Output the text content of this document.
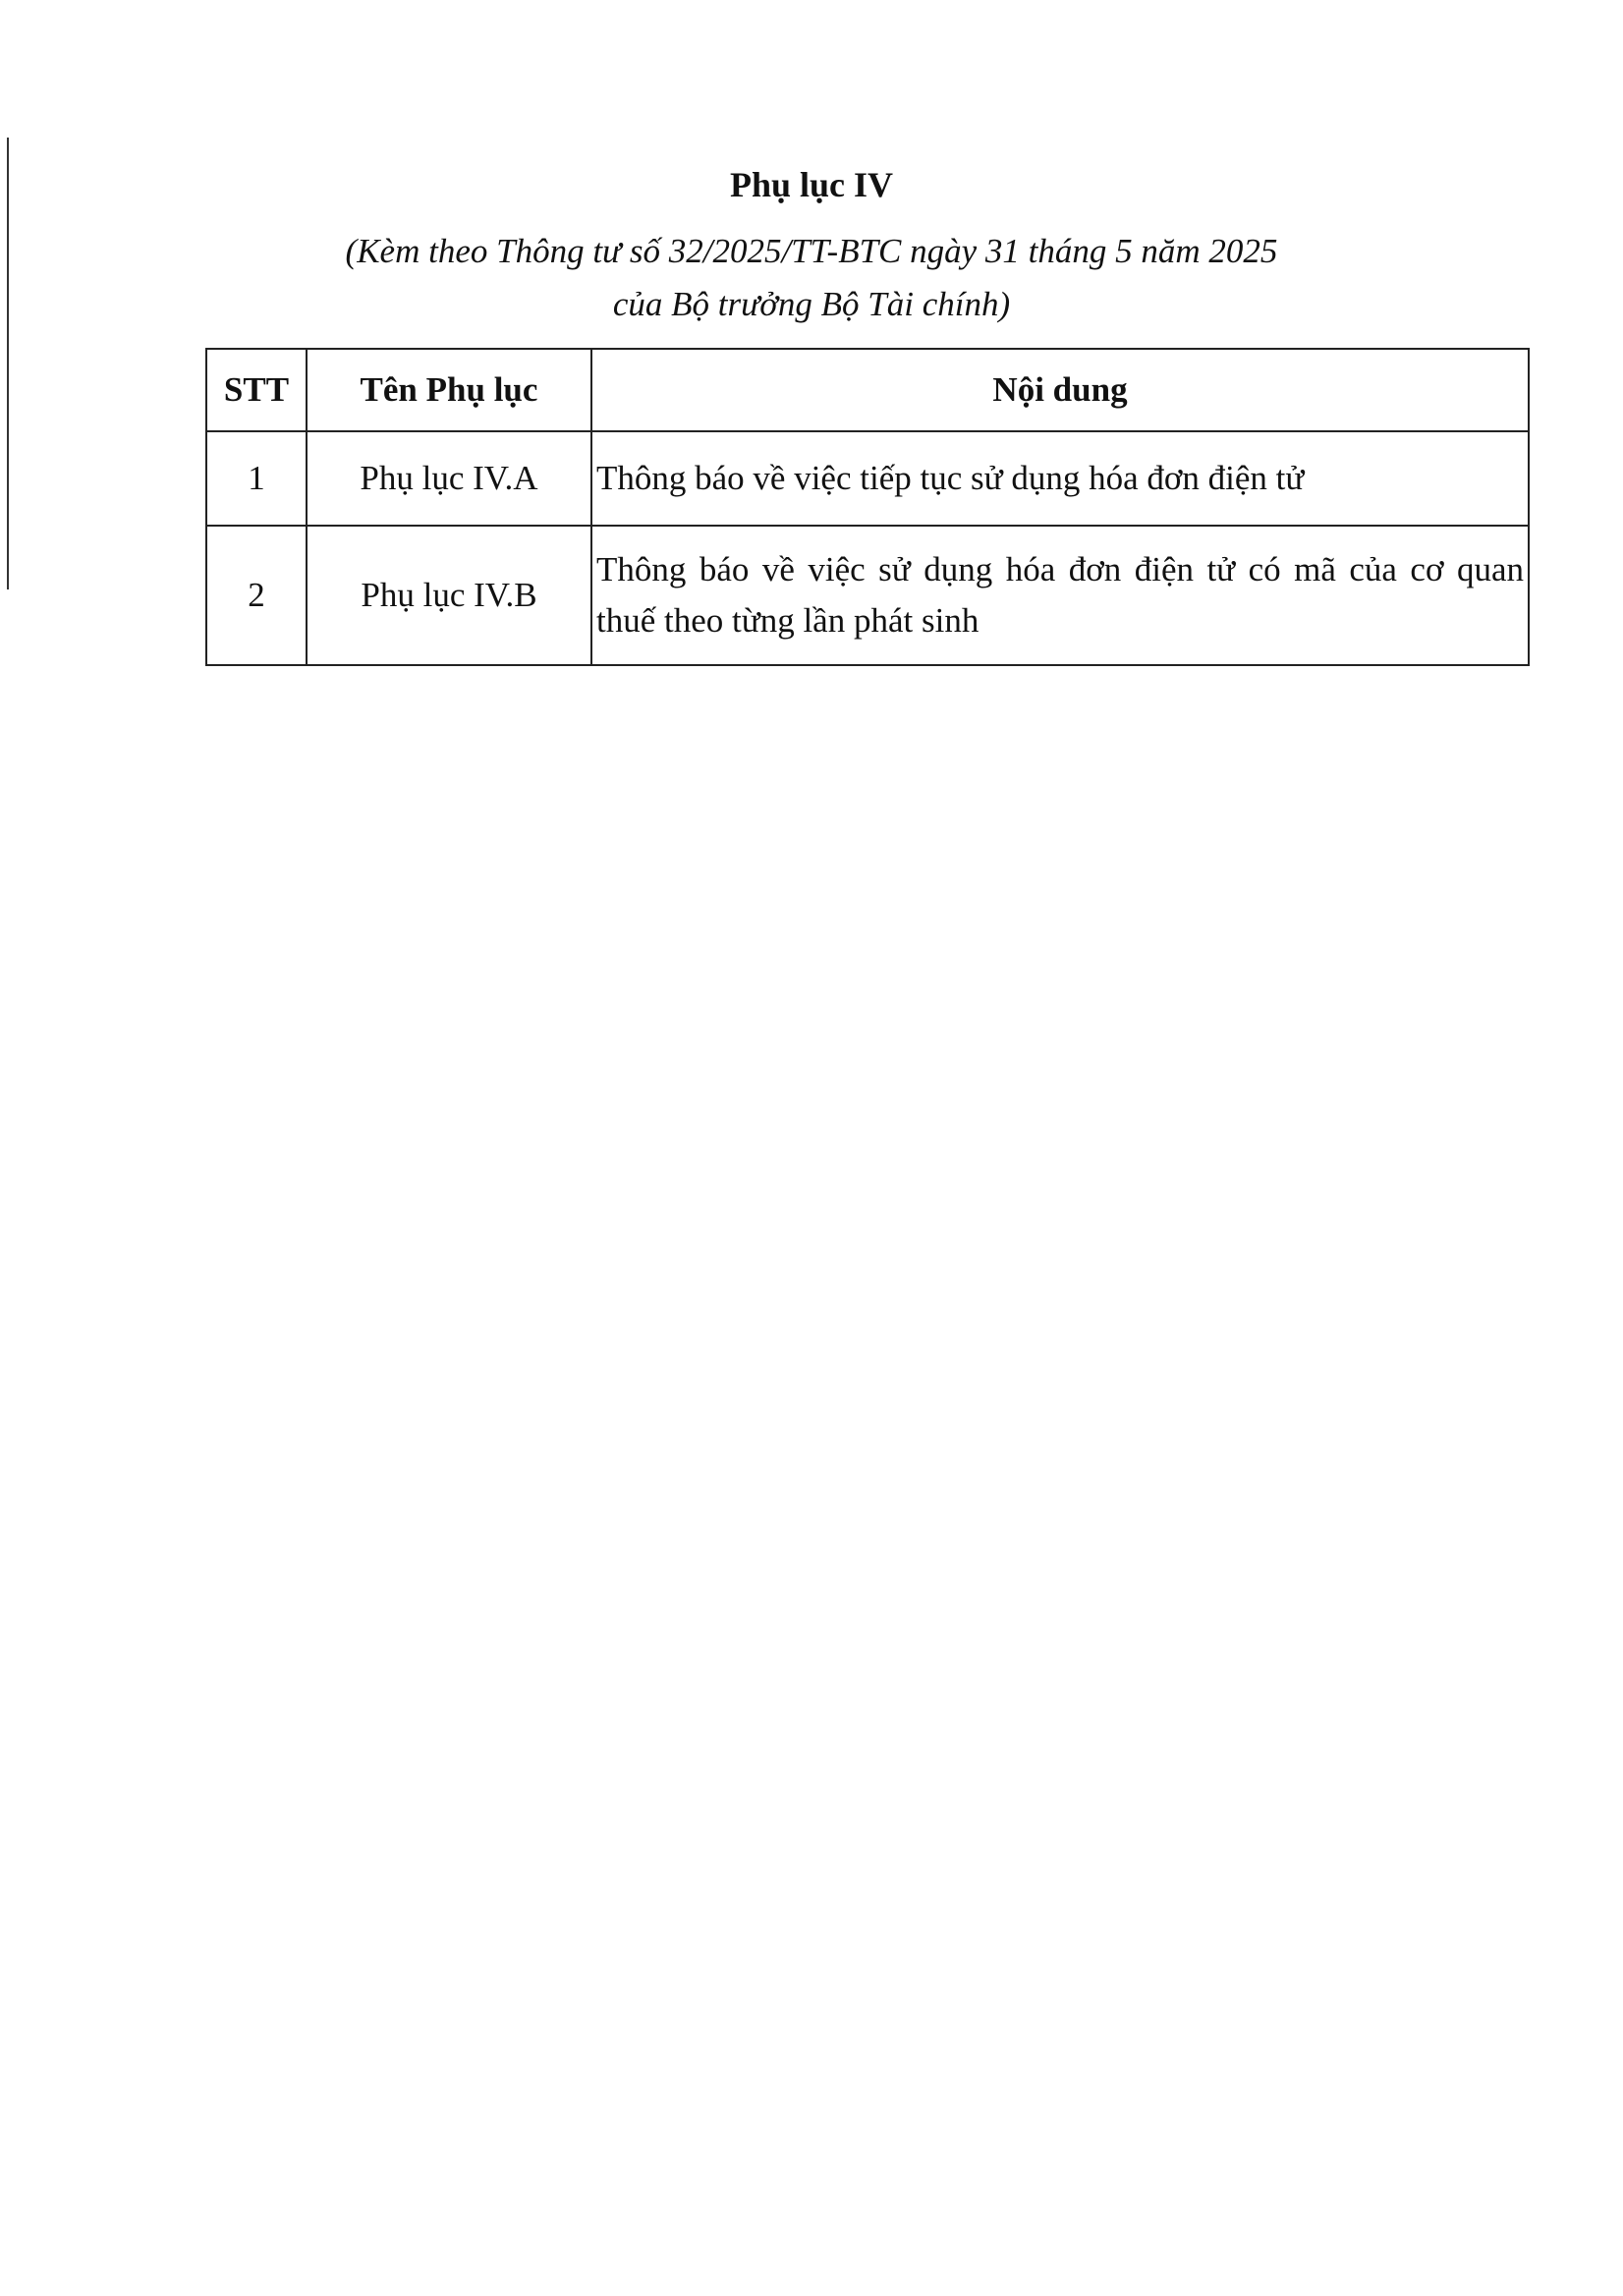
Phụ lục IV
(Kèm theo Thông tư số 32/2025/TT-BTC ngày 31 tháng 5 năm 2025
của Bộ trưởng Bộ Tài chính)
STT	Tên Phụ lục	Nội dung
1	Phụ lục IV.A	Thông báo về việc tiếp tục sử dụng hóa đơn điện tử
2	Phụ lục IV.B	Thông báo về việc sử dụng hóa đơn điện tử có mã của cơ quan thuế theo từng lần phát sinh
